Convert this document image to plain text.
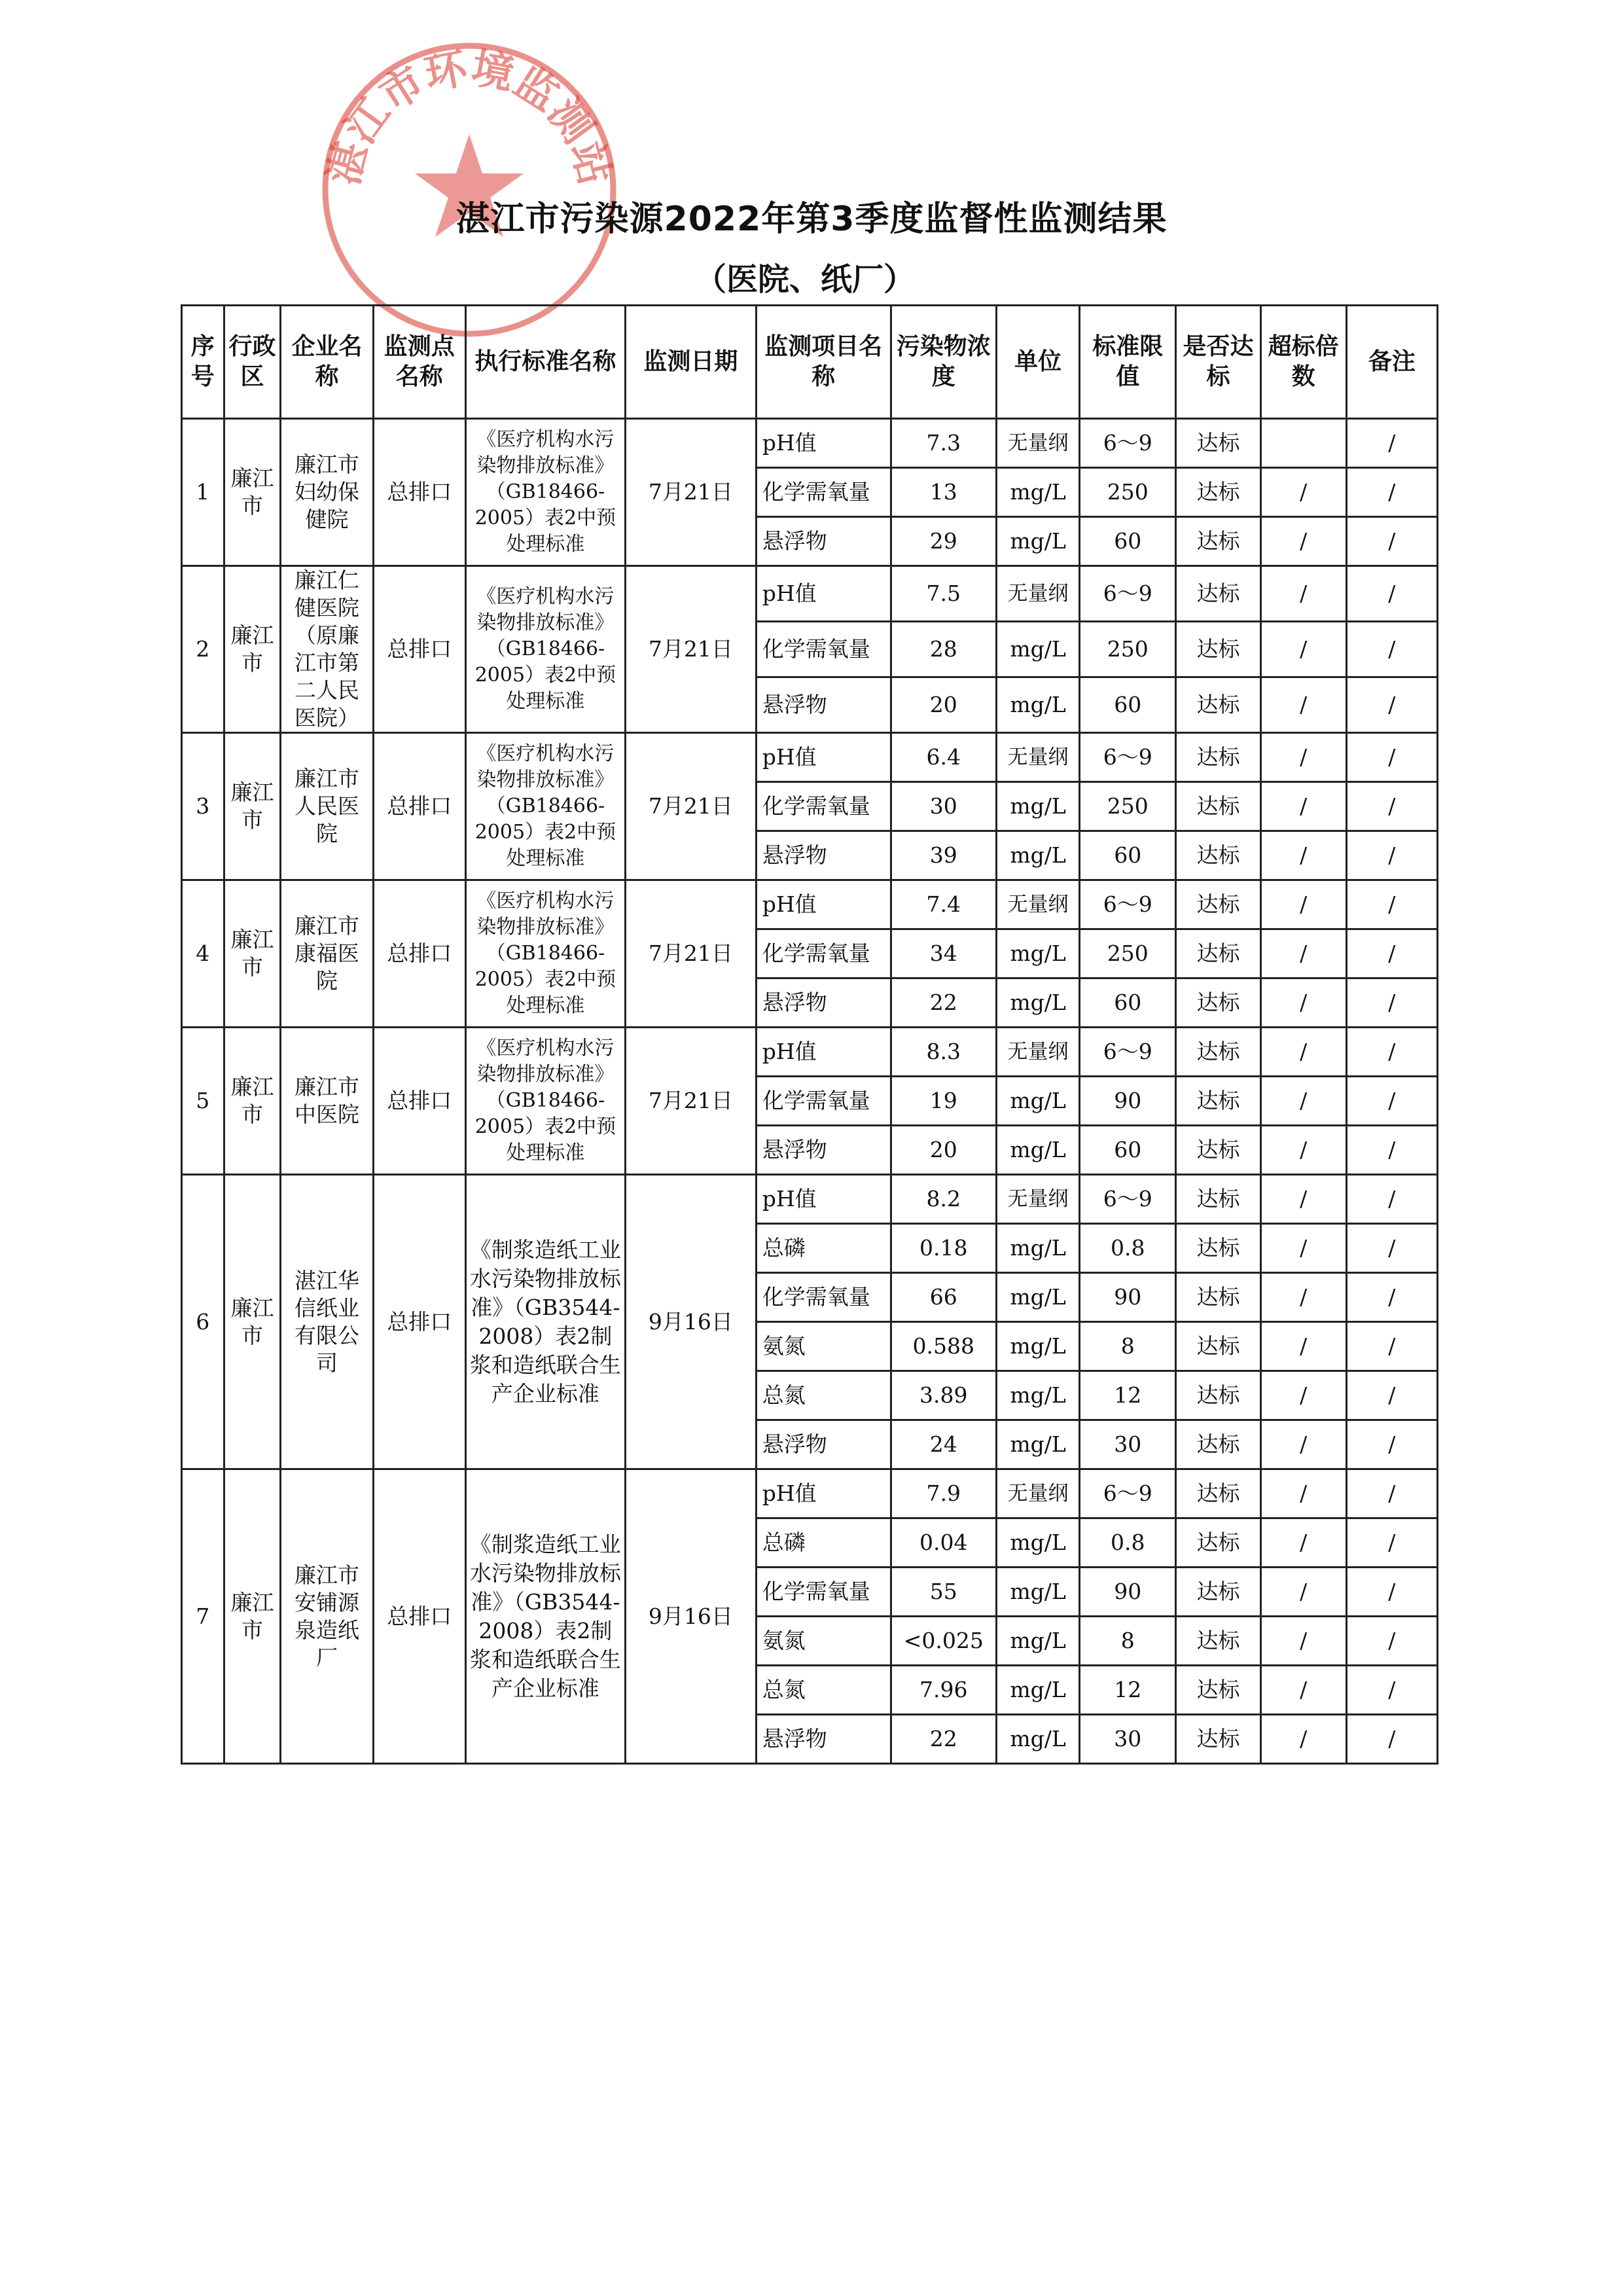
湛江市环境监测站
湛江市污染源2022年第3季度监督性监测结果
（医院、纸厂）
序号	行政区	企业名称	监测点名称	执行标准名称	监测日期	监测项目名称	污染物浓度	单位	标准限值	是否达标	超标倍数	备注
1	廉江市	廉江市妇幼保健院	总排口	《医疗机构水污染物排放标准》（GB18466-2005）表2中预处理标准	7月21日	pH值	7.3	无量纲	6～9	达标		/
						化学需氧量	13	mg/L	250	达标	/	/
						悬浮物	29	mg/L	60	达标	/	/
2	廉江市	廉江仁健医院（原廉江市第二人民医院）	总排口	《医疗机构水污染物排放标准》（GB18466-2005）表2中预处理标准	7月21日	pH值	7.5	无量纲	6～9	达标	/	/
						化学需氧量	28	mg/L	250	达标	/	/
						悬浮物	20	mg/L	60	达标	/	/
3	廉江市	廉江市人民医院	总排口	《医疗机构水污染物排放标准》（GB18466-2005）表2中预处理标准	7月21日	pH值	6.4	无量纲	6～9	达标	/	/
						化学需氧量	30	mg/L	250	达标	/	/
						悬浮物	39	mg/L	60	达标	/	/
4	廉江市	廉江市康福医院	总排口	《医疗机构水污染物排放标准》（GB18466-2005）表2中预处理标准	7月21日	pH值	7.4	无量纲	6～9	达标	/	/
						化学需氧量	34	mg/L	250	达标	/	/
						悬浮物	22	mg/L	60	达标	/	/
5	廉江市	廉江市中医院	总排口	《医疗机构水污染物排放标准》（GB18466-2005）表2中预处理标准	7月21日	pH值	8.3	无量纲	6～9	达标	/	/
						化学需氧量	19	mg/L	90	达标	/	/
						悬浮物	20	mg/L	60	达标	/	/
6	廉江市	湛江华信纸业有限公司	总排口	《制浆造纸工业水污染物排放标准》（GB3544-2008）表2制浆和造纸联合生产企业标准	9月16日	pH值	8.2	无量纲	6～9	达标	/	/
						总磷	0.18	mg/L	0.8	达标	/	/
						化学需氧量	66	mg/L	90	达标	/	/
						氨氮	0.588	mg/L	8	达标	/	/
						总氮	3.89	mg/L	12	达标	/	/
						悬浮物	24	mg/L	30	达标	/	/
7	廉江市	廉江市安铺源泉造纸厂	总排口	《制浆造纸工业水污染物排放标准》（GB3544-2008）表2制浆和造纸联合生产企业标准	9月16日	pH值	7.9	无量纲	6～9	达标	/	/
						总磷	0.04	mg/L	0.8	达标	/	/
						化学需氧量	55	mg/L	90	达标	/	/
						氨氮	<0.025	mg/L	8	达标	/	/
						总氮	7.96	mg/L	12	达标	/	/
						悬浮物	22	mg/L	30	达标	/	/
